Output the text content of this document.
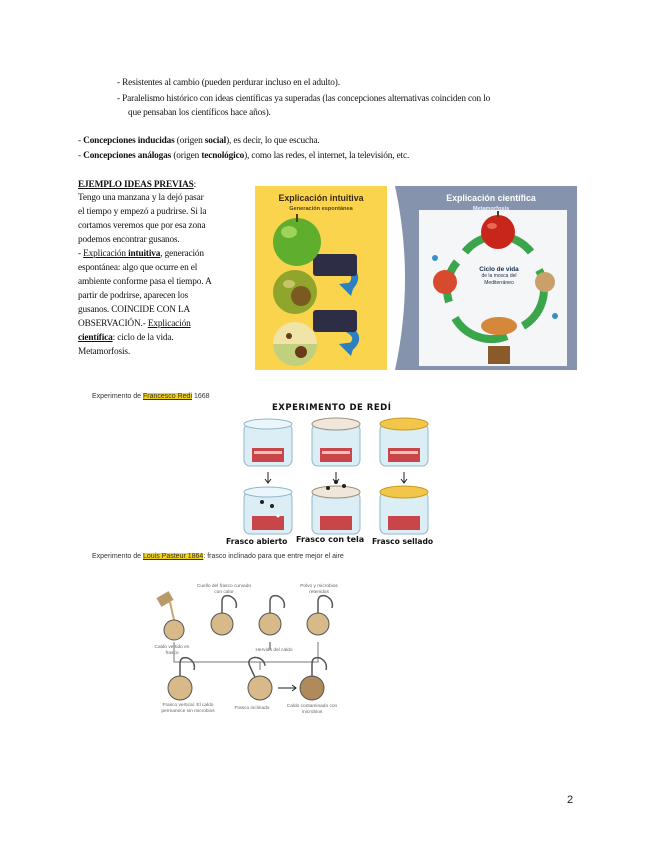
- Resistentes al cambio (pueden perdurar incluso en el adulto).
- Paralelismo histórico con ideas científicas ya superadas (las concepciones alternativas coinciden con lo
que pensaban los científicos hace años).
- Concepciones inducidas (origen social), es decir, lo que escucha.
- Concepciones análogas (origen tecnológico), como las redes, el internet, la televisión, etc.
EJEMPLO IDEAS PREVIAS:
Tengo una manzana y la dejó pasar
el tiempo y empezó a pudrirse. Si la
cortamos veremos que por esa zona
podemos encontrar gusanos.
- Explicación intuitiva, generación
espontánea: algo que ocurre en el
ambiente conforme pasa el tiempo. A
partir de podrirse, aparecen los
gusanos. COINCIDE CON LA
OBSERVACIÓN.- Explicación
científica: ciclo de la vida.
Metamorfosis.
Explicación intuitiva
Generación espontánea
Explicación científica
Metamorfosis
Ciclo de vida
de la mosca del
Mediterráneo
Experimento de Francesco Redi 1668
EXPERIMENTO DE REDÍ
Frasco abierto Frasco con tela Frasco sellado
Experimento de Louis Pasteur 1864: frasco inclinado para que entre mejor el aire
Cuello del frasco curvado con calor
Polvo y microbios retenidos
Caldo vertido en frasco
Hervido del caldo
Frasco vertical. El caldo permanece sin microbios
Frasco inclinado	Caldo contaminado con microbios
2
